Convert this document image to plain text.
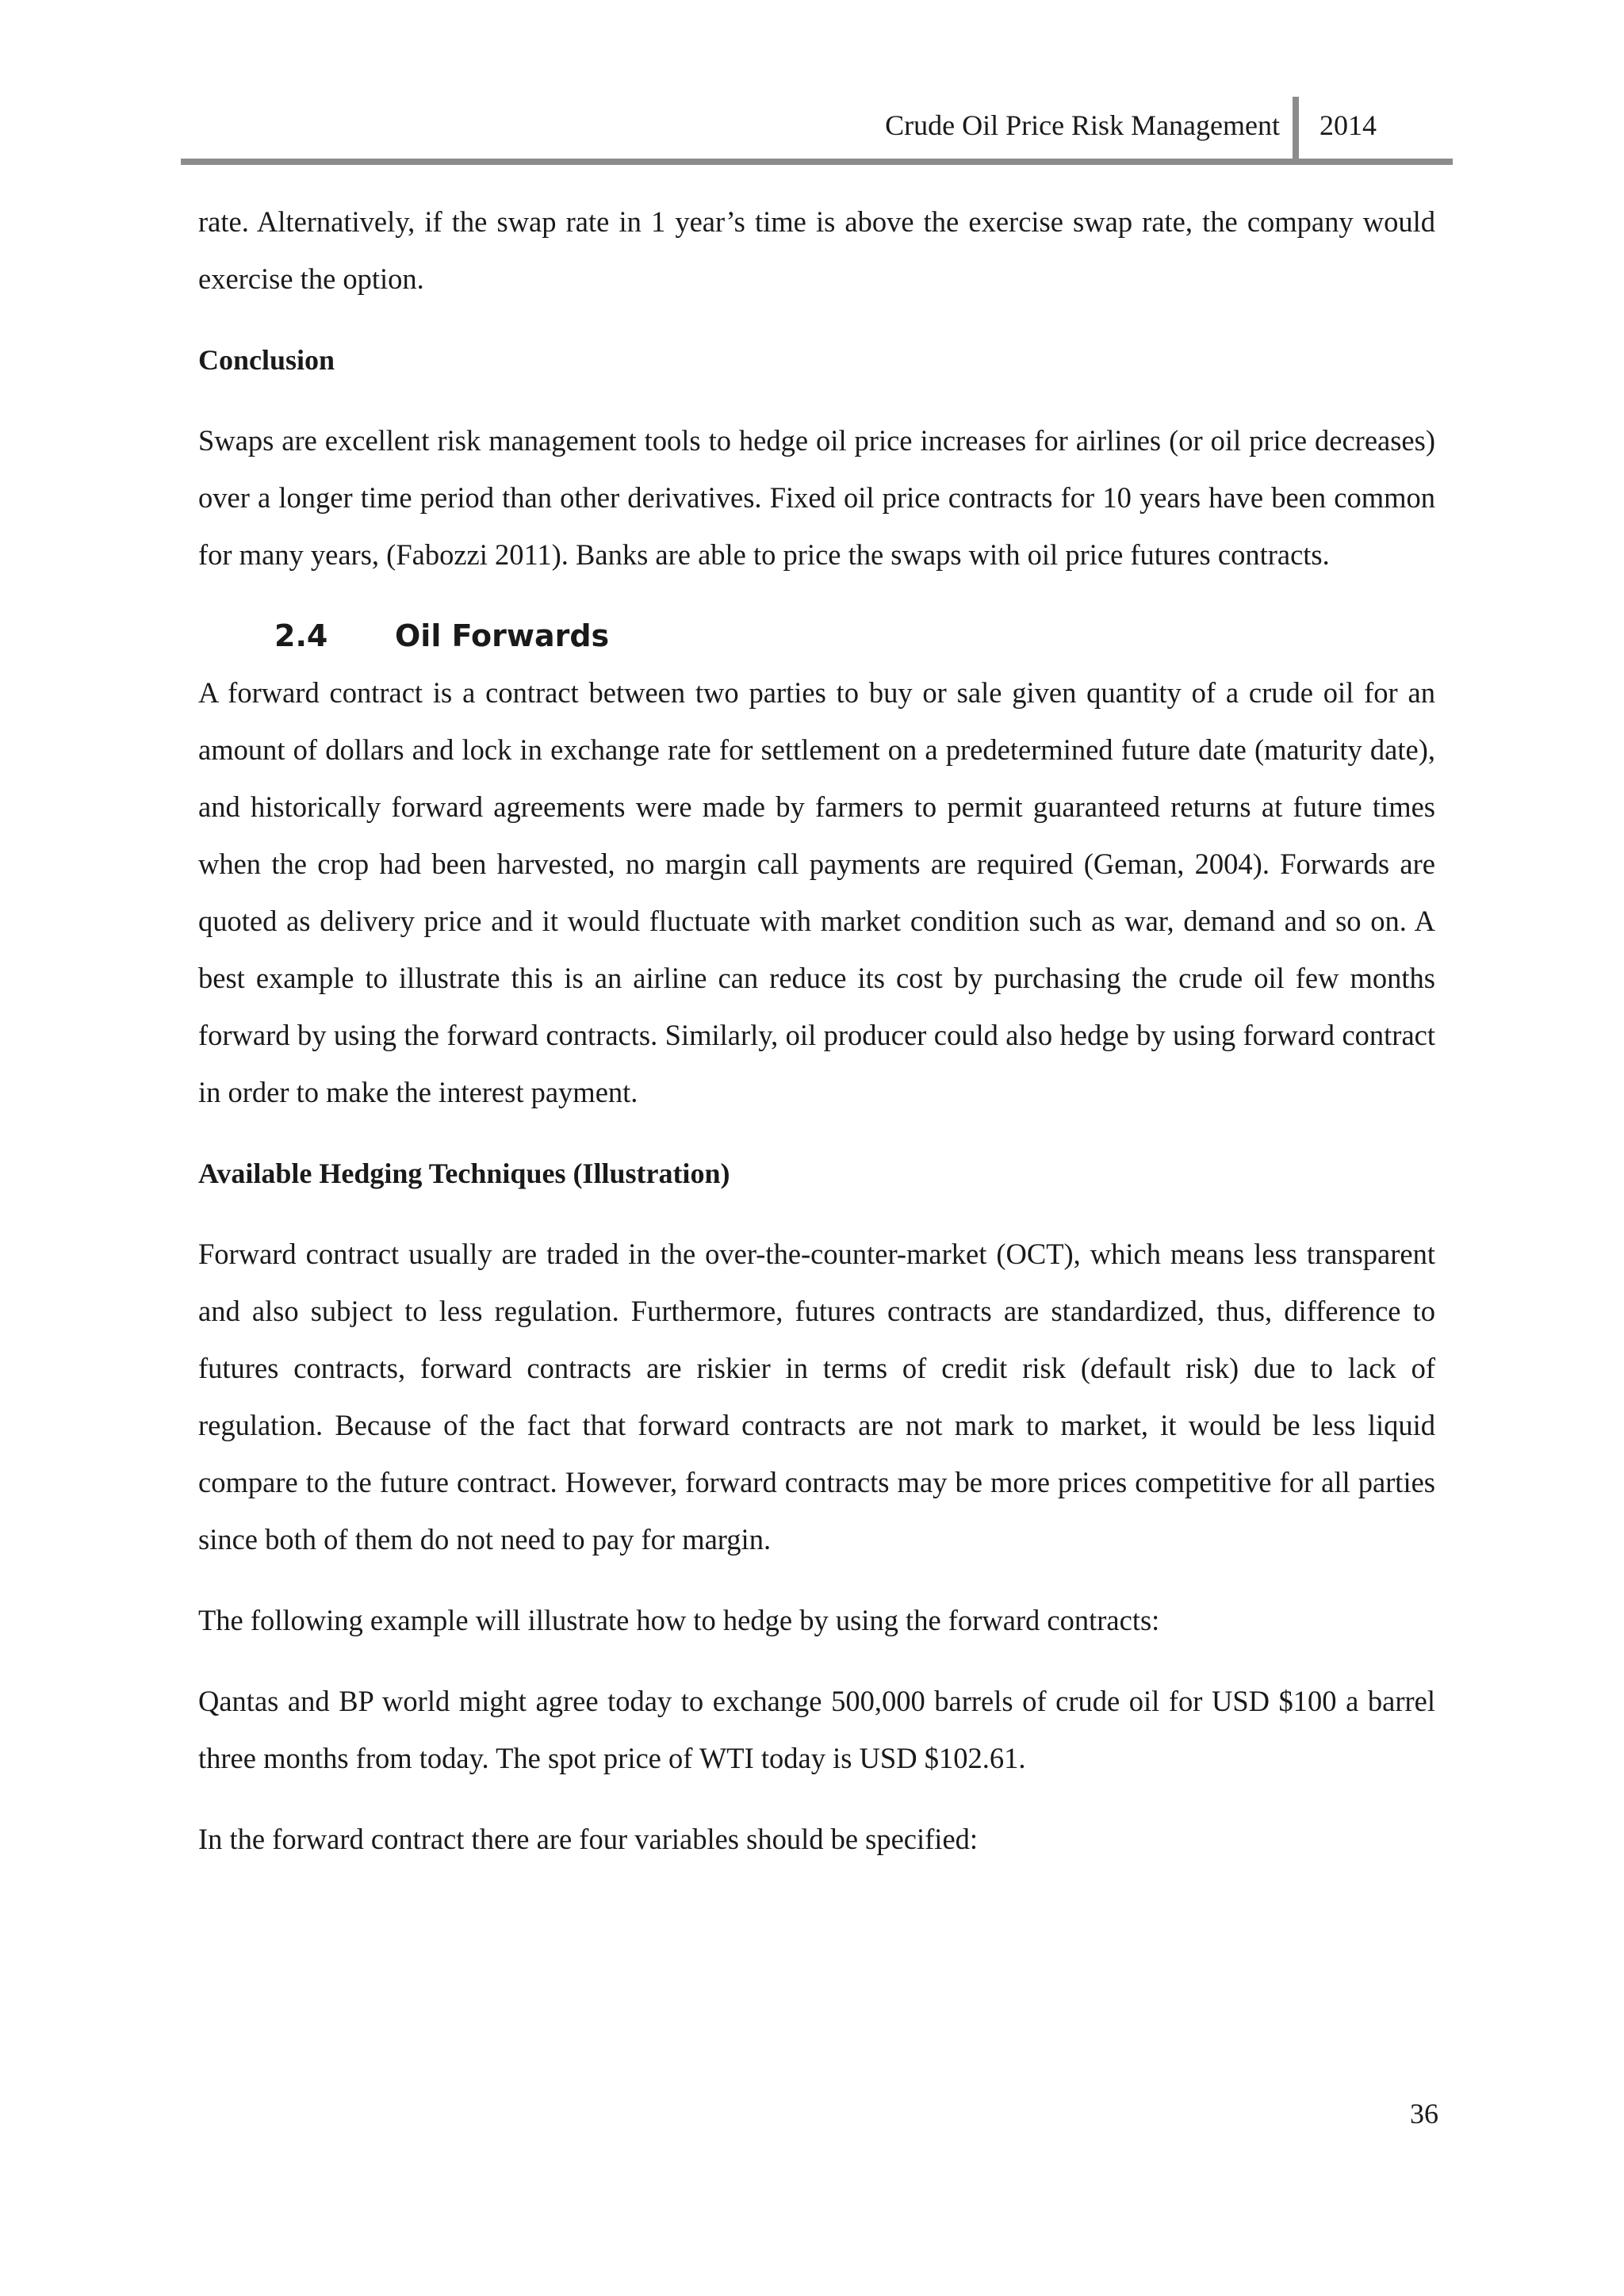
Crude Oil Price Risk Management 2014

rate. Alternatively, if the swap rate in 1 year’s time is above the exercise swap rate, the company would exercise the option.

Conclusion

Swaps are excellent risk management tools to hedge oil price increases for airlines (or oil price decreases) over a longer time period than other derivatives. Fixed oil price contracts for 10 years have been common for many years, (Fabozzi 2011). Banks are able to price the swaps with oil price futures contracts.

2.4 Oil Forwards

A forward contract is a contract between two parties to buy or sale given quantity of a crude oil for an amount of dollars and lock in exchange rate for settlement on a predetermined future date (maturity date), and historically forward agreements were made by farmers to permit guaranteed returns at future times when the crop had been harvested, no margin call payments are required (Geman, 2004). Forwards are quoted as delivery price and it would fluctuate with market condition such as war, demand and so on. A best example to illustrate this is an airline can reduce its cost by purchasing the crude oil few months forward by using the forward contracts. Similarly, oil producer could also hedge by using forward contract in order to make the interest payment.

Available Hedging Techniques (Illustration)

Forward contract usually are traded in the over-the-counter-market (OCT), which means less transparent and also subject to less regulation. Furthermore, futures contracts are standardized, thus, difference to futures contracts, forward contracts are riskier in terms of credit risk (default risk) due to lack of regulation. Because of the fact that forward contracts are not mark to market, it would be less liquid compare to the future contract. However, forward contracts may be more prices competitive for all parties since both of them do not need to pay for margin.

The following example will illustrate how to hedge by using the forward contracts:

Qantas and BP world might agree today to exchange 500,000 barrels of crude oil for USD $100 a barrel three months from today. The spot price of WTI today is USD $102.61.

In the forward contract there are four variables should be specified:

36
